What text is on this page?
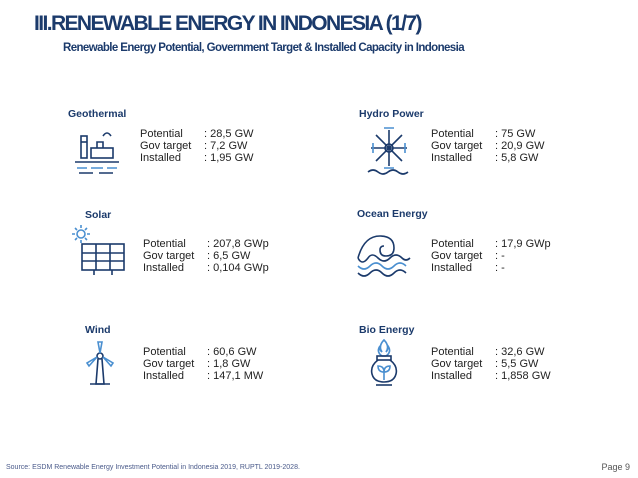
III.RENEWABLE ENERGY IN INDONESIA (1/7)
Renewable Energy Potential, Government Target & Installed Capacity in Indonesia
Geothermal
Potential	: 28,5 GW
Gov target	: 7,2 GW
Installed	: 1,95 GW
Hydro Power
Potential	: 75 GW
Gov target	: 20,9 GW
Installed	: 5,8 GW
Solar
Potential	: 207,8 GWp
Gov target	: 6,5 GW
Installed	: 0,104 GWp
Ocean Energy
Potential	: 17,9 GWp
Gov target	: -
Installed	: -
Wind
Potential	: 60,6 GW
Gov target	: 1,8 GW
Installed	: 147,1 MW
Bio Energy
Potential	: 32,6 GW
Gov target	: 5,5 GW
Installed	: 1,858 GW
Source: ESDM Renewable Energy Investment Potential in Indonesia 2019, RUPTL 2019-2028.	Page 9
